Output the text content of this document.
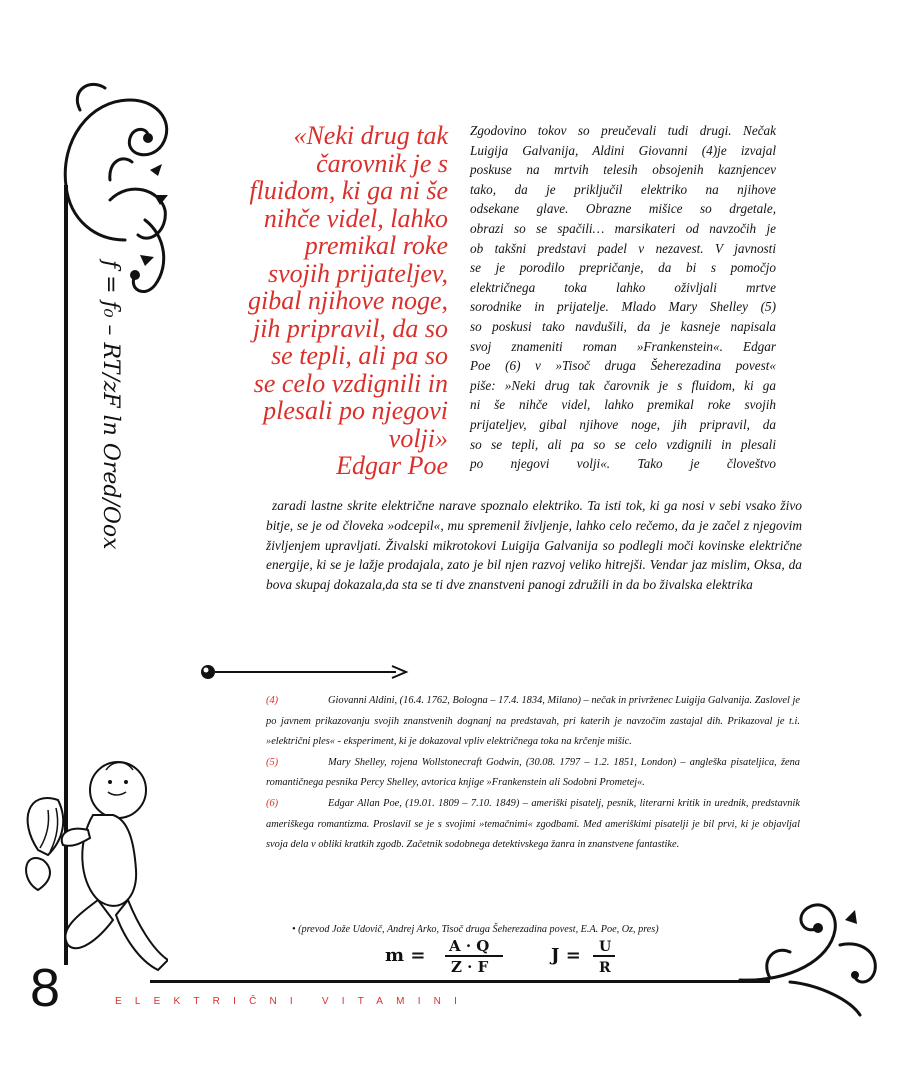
f = f₀ – RT/zF ln Ored/Oox
«Neki drug tak
čarovnik je s
fluidom, ki ga ni še
nihče videl, lahko
premikal roke
svojih prijateljev,
gibal njihove noge,
jih pripravil, da so
se tepli, ali pa so
se celo vzdignili in
plesali po njegovi
volji»
Edgar Poe
Zgodovino tokov so preučevali tudi drugi. Nečak
Luigija Galvanija, Aldini Giovanni (4)je izvajal
poskuse na mrtvih telesih obsojenih kaznjencev
tako, da je priključil elektriko na njihove
odsekane glave. Obrazne mišice so drgetale,
obrazi so se spačili… marsikateri od navzočih je
ob takšni predstavi padel v nezavest. V javnosti
se je porodilo prepričanje, da bi s pomočjo
električnega toka lahko oživljali mrtve
sorodnike in prijatelje. Mlado Mary Shelley (5)
so poskusi tako navdušili, da je kasneje napisala
svoj znameniti roman »Frankenstein«. Edgar
Poe (6) v »Tisoč druga Šeherezadina povest«
piše: »Neki drug tak čarovnik je s fluidom, ki ga
ni še nihče videl, lahko premikal roke svojih
prijateljev, gibal njihove noge, jih pripravil, da
so se tepli, ali pa so se celo vzdignili in plesali
po njegovi volji«. Tako je človeštvo
zaradi lastne skrite električne narave spoznalo elektriko. Ta isti tok, ki ga nosi v sebi vsako živo bitje, se je od človeka »odcepil«, mu spremenil življenje, lahko celo rečemo, da je začel z njegovim življenjem upravljati. Živalski mikrotokovi Luigija Galvanija so podlegli moči kovinske električne energije, ki se je lažje prodajala, zato je bil njen razvoj veliko hitrejši. Vendar jaz mislim, Oksa, da bova skupaj dokazala,da sta se ti dve znanstveni panogi združili in da bo živalska elektrika
(4)	Giovanni Aldini, (16.4. 1762, Bologna – 17.4. 1834, Milano) – nečak in privrženec Luigija Galvanija. Zaslovel je po javnem prikazovanju svojih znanstvenih dognanj na predstavah, pri katerih je navzočim zastajal dih. Prikazoval je t.i. »električni ples« - eksperiment, ki je dokazoval vpliv električnega toka na krčenje mišic.
(5)	Mary Shelley, rojena Wollstonecraft Godwin, (30.08. 1797 – 1.2. 1851, London) – angleška pisateljica, žena romantičnega pesnika Percy Shelley, avtorica knjige »Frankenstein ali Sodobni Prometej«.
(6)	Edgar Allan Poe, (19.01. 1809 – 7.10. 1849) – ameriški pisatelj, pesnik, literarni kritik in urednik, predstavnik ameriškega romantizma. Proslavil se je s svojimi »temačnimi« zgodbami. Med ameriškimi pisatelji je bil prvi, ki je objavljal svoja dela v obliki kratkih zgodb. Začetnik sodobnega detektivskega žanra in znanstvene fantastike.
• (prevod Jože Udovič, Andrej Arko, Tisoč druga Šeherezadina povest, E.A. Poe, Oz, pres)
m = A · Q
Z · F
J = U
R
8	ELEKTRIČNI VITAMINI
